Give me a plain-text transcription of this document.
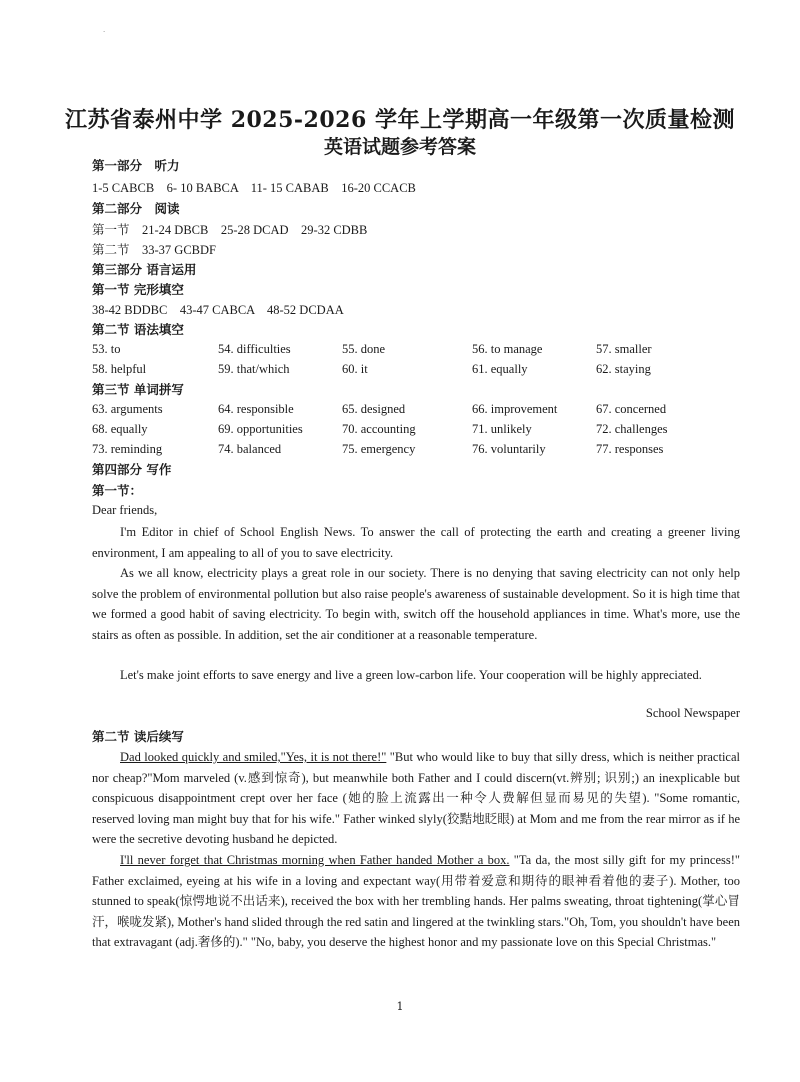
·
江苏省泰州中学 2025-2026 学年上学期高一年级第一次质量检测
英语试题参考答案
第一部分　听力
1-5 CABCB　6- 10 BABCA　11- 15 CABAB　16-20 CCACB
第二部分　阅读
第一节　21-24 DBCB　25-28 DCAD　29-32 CDBB
第二节　33-37 GCBDF
第三部分 语言运用
第一节 完形填空
38-42 BDDBC　43-47 CABCA　48-52 DCDAA
第二节 语法填空
53. to	54. difficulties	55. done	56. to manage	57. smaller
58. helpful	59. that/which	60. it	61. equally	62. staying
第三节 单词拼写
63. arguments	64. responsible	65. designed	66. improvement	67. concerned
68. equally	69. opportunities	70. accounting	71. unlikely	72. challenges
73. reminding	74. balanced	75. emergency	76. voluntarily	77. responses
第四部分 写作
第一节：
Dear friends,

I'm Editor in chief of School English News. To answer the call of protecting the earth and creating a greener living environment, I am appealing to all of you to save electricity.

As we all know, electricity plays a great role in our society. There is no denying that saving electricity can not only help solve the problem of environmental pollution but also raise people's awareness of sustainable development. So it is high time that we formed a good habit of saving electricity. To begin with, switch off the household appliances in time. What's more, use the stairs as often as possible. In addition, set the air conditioner at a reasonable temperature.

Let's make joint efforts to save energy and live a green low-carbon life. Your cooperation will be highly appreciated.

School Newspaper
第二节 读后续写

Dad looked quickly and smiled,"Yes, it is not there!" "But who would like to buy that silly dress, which is neither practical nor cheap?"Mom marveled (v.感到惊奇), but meanwhile both Father and I could discern(vt.辨别; 识别;) an inexplicable but conspicuous disappointment crept over her face (她的脸上流露出一种令人费解但显而易见的失望). "Some romantic, reserved loving man might buy that for his wife." Father winked slyly(狡黠地眨眼) at Mom and me from the rear mirror as if he were the secretive devoting husband he depicted.

I'll never forget that Christmas morning when Father handed Mother a box. "Ta da, the most silly gift for my princess!" Father exclaimed, eyeing at his wife in a loving and expectant way(用带着爱意和期待的眼神看着他的妻子). Mother, too stunned to speak(惊愕地说不出话来), received the box with her trembling hands. Her palms sweating, throat tightening(掌心冒汗，喉咙发紧), Mother's hand slided through the red satin and lingered at the twinkling stars."Oh, Tom, you shouldn't have been that extravagant (adj.奢侈的)." "No, baby, you deserve the highest honor and my passionate love on this Special Christmas."

1
